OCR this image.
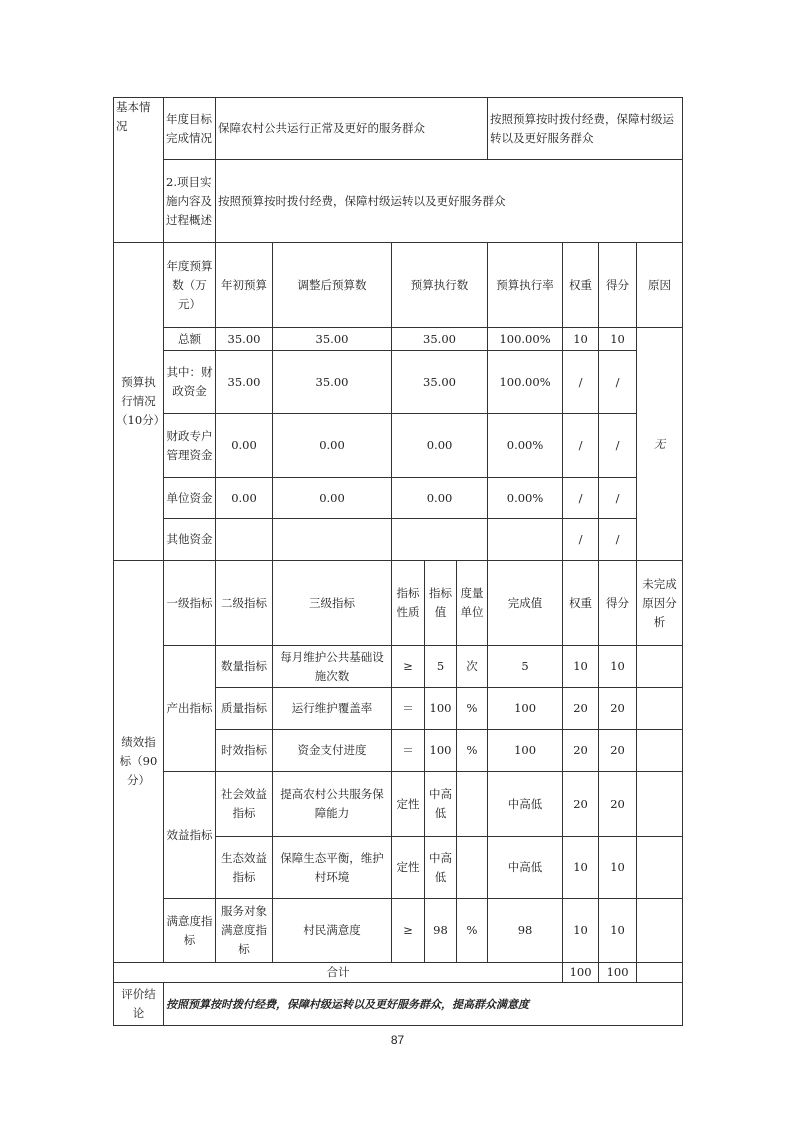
基本情况	年度目标完成情况	保障农村公共运行正常及更好的服务群众					按照预算按时拨付经费，保障村级运转以及更好服务群众			
	2.项目实施内容及过程概述	按照预算按时拨付经费，保障村级运转以及更好服务群众								
预算执行情况（10分）	年度预算数（万元）	年初预算	调整后预算数	预算执行数			预算执行率	权重	得分	原因
	总额	35.00	35.00	35.00			100.00%	10	10	无
	其中：财政资金	35.00	35.00	35.00			100.00%	/	/	
	财政专户管理资金	0.00	0.00	0.00			0.00%	/	/	
	单位资金	0.00	0.00	0.00			0.00%	/	/	
	其他资金							/	/	
绩效指标（90分）	一级指标	二级指标	三级指标	指标性质	指标值	度量单位	完成值	权重	得分	未完成原因分析
	产出指标	数量指标	每月维护公共基础设施次数	≥	5	次	5	10	10	
		质量指标	运行维护覆盖率	＝	100	%	100	20	20	
		时效指标	资金支付进度	＝	100	%	100	20	20	
	效益指标	社会效益指标	提高农村公共服务保障能力	定性	中高低		中高低	20	20	
		生态效益指标	保障生态平衡，维护村环境	定性	中高低		中高低	10	10	
	满意度指标	服务对象满意度指标	村民满意度	≥	98	%	98	10	10	
合计								100	100	
评价结论	按照预算按时拨付经费，保障村级运转以及更好服务群众，提高群众满意度									
87
